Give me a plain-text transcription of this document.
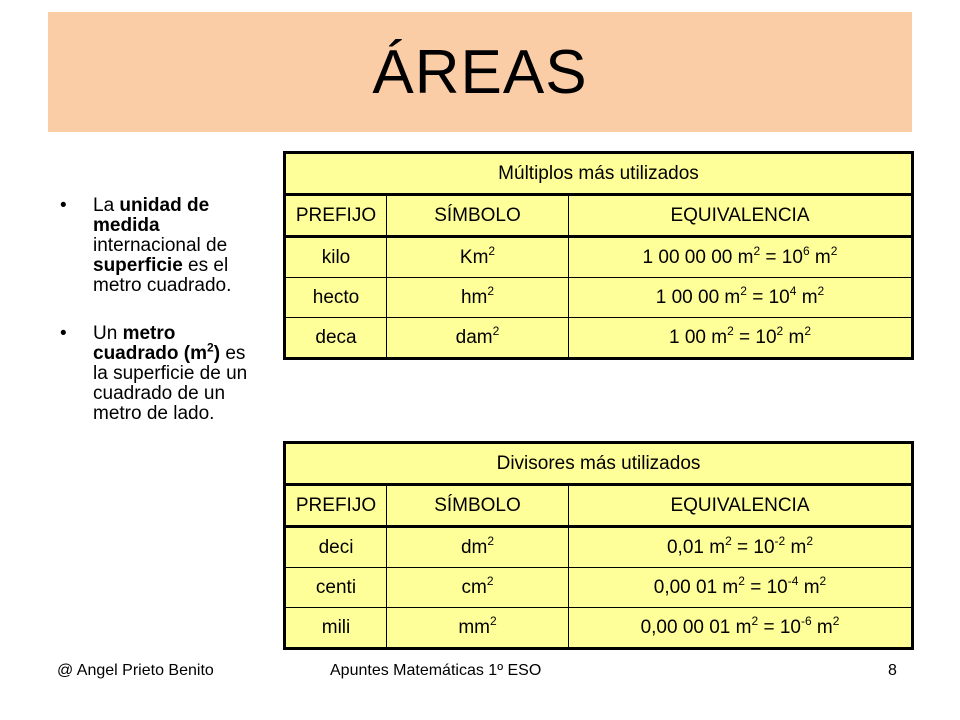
ÁREAS
• La unidad de medida internacional de superficie es el metro cuadrado.
• Un metro cuadrado $(m^2)$ es la superficie de un cuadrado de un metro de lado.
Múltiplos más utilizados		
PREFIJO	SÍMBOLO	EQUIVALENCIA
kilo	Km$^2$	1 00 00 00 $m^2 = 10^6$ $m^2$
hecto	$hm^2$	1 00 00 $m^2 = 10^4$ $m^2$
deca	dam$^2$	1 00 $m^2 = 10^2$ $m^2$
Divisores más utilizados		
PREFIJO	SÍMBOLO	EQUIVALENCIA
deci	$dm^2$	0,01 $m^2 = 10^{-2}$ $m^2$
centi	$cm^2$	0,00 01 $m^2 = 10^{-4}$ $m^2$
mili	$mm^2$	0,00 00 01 $m^2 = 10^{-6}$ $m^2$
@ Angel Prieto Benito	Apuntes Matemáticas 1º ESO	8
